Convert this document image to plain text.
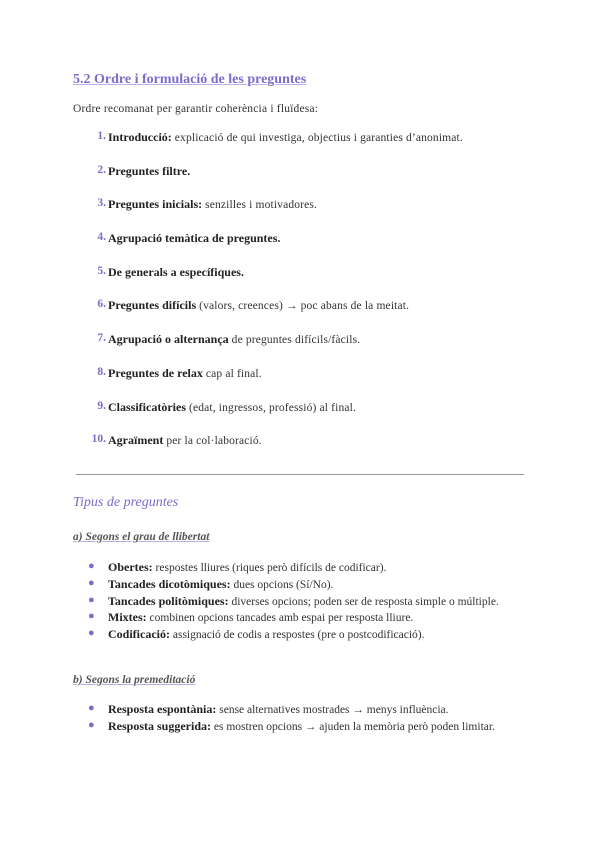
5.2 Ordre i formulació de les preguntes

Ordre recomanat per garantir coherència i fluïdesa:

1. Introducció: explicació de qui investiga, objectius i garanties d’anonimat.
2. Preguntes filtre.
3. Preguntes inicials: senzilles i motivadores.
4. Agrupació temàtica de preguntes.
5. De generals a específiques.
6. Preguntes difícils (valors, creences) → poc abans de la meitat.
7. Agrupació o alternança de preguntes difícils/fàcils.
8. Preguntes de relax cap al final.
9. Classificatòries (edat, ingressos, professió) al final.
10. Agraïment per la col·laboració.
Tipus de preguntes
a) Segons el grau de llibertat
●	Obertes: respostes lliures (riques però difícils de codificar).
●	Tancades dicotòmiques: dues opcions (Sí/No).
●	Tancades politòmiques: diverses opcions; poden ser de resposta simple o múltiple.
●	Mixtes: combinen opcions tancades amb espai per resposta lliure.
●	Codificació: assignació de codis a respostes (pre o postcodificació).
b) Segons la premeditació
●	Resposta espontània: sense alternatives mostrades → menys influència.
●	Resposta suggerida: es mostren opcions → ajuden la memòria però poden limitar.
